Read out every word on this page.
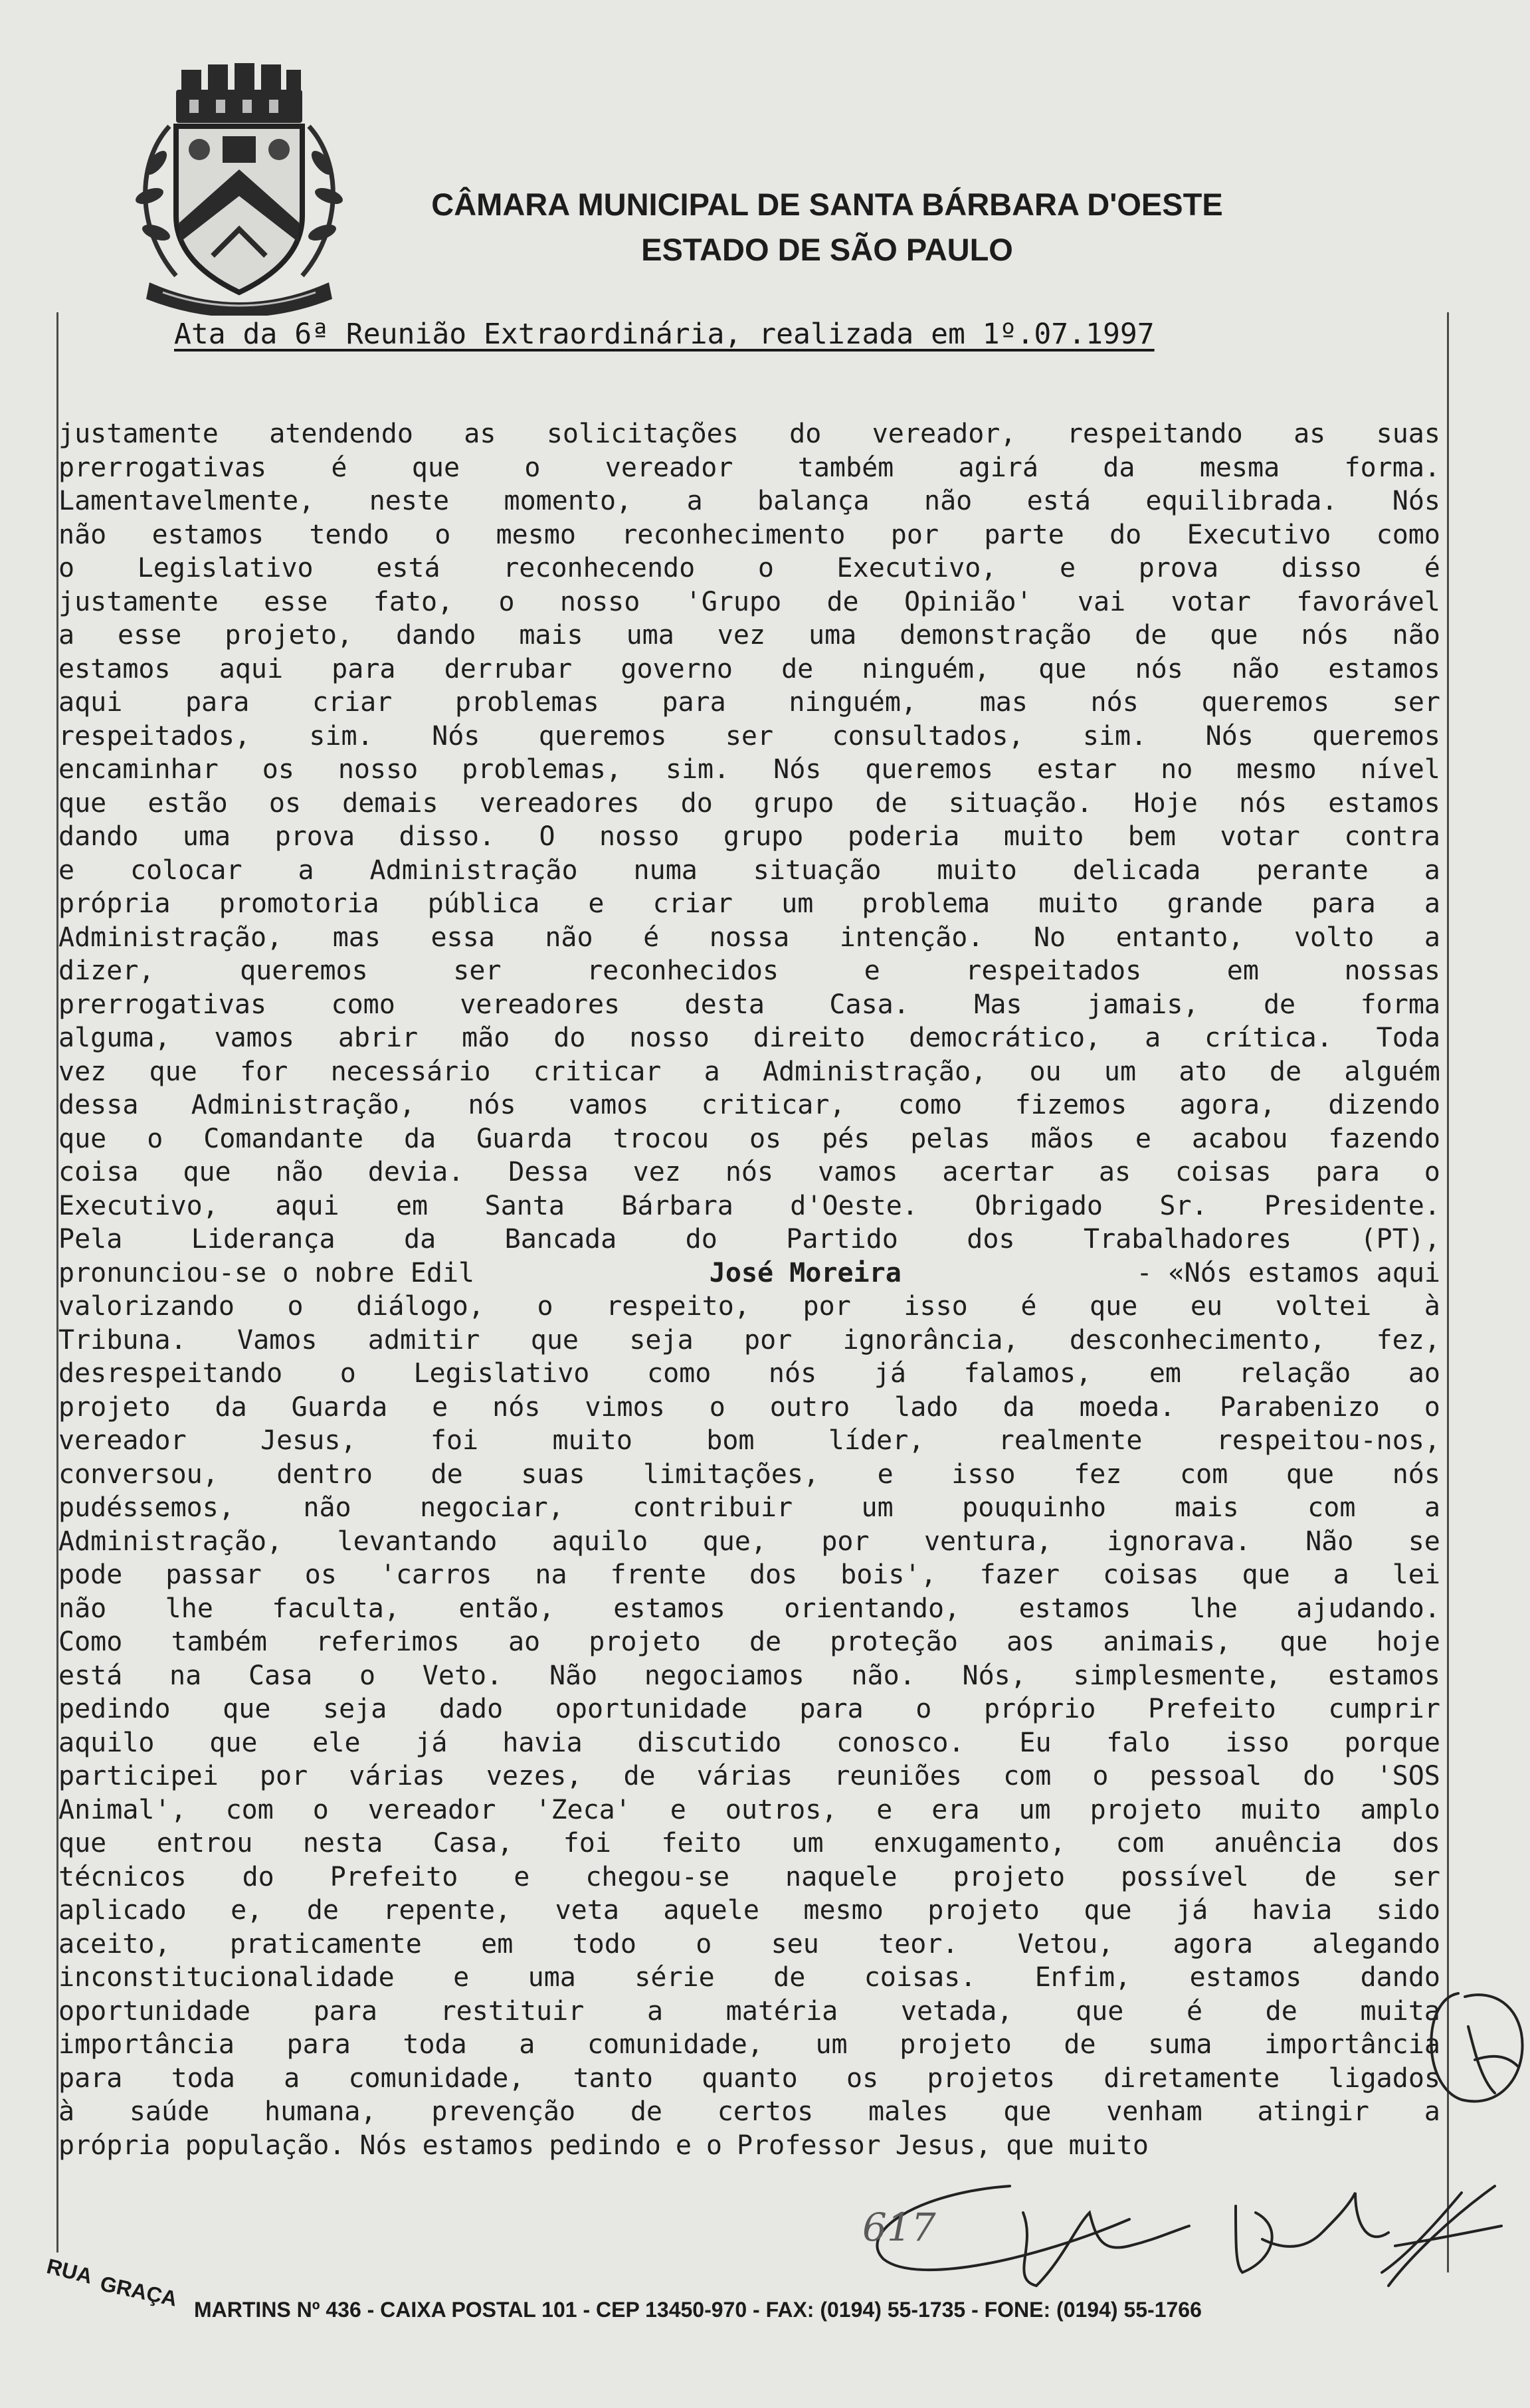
CÂMARA MUNICIPAL DE SANTA BÁRBARA D'OESTE
ESTADO DE SÃO PAULO
Ata da 6ª Reunião Extraordinária, realizada em 1º.07.1997
justamente atendendo as solicitações do vereador, respeitando as suas
prerrogativas é que o vereador também agirá da mesma forma.
Lamentavelmente, neste momento, a balança não está equilibrada. Nós
não estamos tendo o mesmo reconhecimento por parte do Executivo como
o Legislativo está reconhecendo o Executivo, e prova disso é
justamente esse fato, o nosso 'Grupo de Opinião' vai votar favorável
a esse projeto, dando mais uma vez uma demonstração de que nós não
estamos aqui para derrubar governo de ninguém, que nós não estamos
aqui para criar problemas para ninguém, mas nós queremos ser
respeitados, sim. Nós queremos ser consultados, sim. Nós queremos
encaminhar os nosso problemas, sim. Nós queremos estar no mesmo nível
que estão os demais vereadores do grupo de situação. Hoje nós estamos
dando uma prova disso. O nosso grupo poderia muito bem votar contra
e colocar a Administração numa situação muito delicada perante a
própria promotoria pública e criar um problema muito grande para a
Administração, mas essa não é nossa intenção. No entanto, volto a
dizer,	queremos	ser	reconhecidos	e	respeitados	em	nossas
prerrogativas como vereadores desta Casa. Mas jamais, de forma
alguma, vamos abrir mão do nosso direito democrático, a crítica. Toda
vez que for necessário criticar a Administração, ou um ato de alguém
dessa Administração, nós vamos criticar, como fizemos agora, dizendo
que o Comandante da Guarda trocou os pés pelas mãos e acabou fazendo
coisa que não devia. Dessa vez nós vamos acertar as coisas para o
Executivo, aqui em Santa Bárbara d'Oeste. Obrigado Sr. Presidente.
Pela	Liderança	da	Bancada	do	Partido	dos	Trabalhadores	(PT),
pronunciou-se o nobre Edil	José Moreira	- «Nós estamos aqui
valorizando o diálogo, o respeito, por isso é que eu voltei à
Tribuna. Vamos admitir que seja por ignorância, desconhecimento, fez,
desrespeitando o Legislativo como nós já falamos, em relação ao
projeto da Guarda e nós vimos o outro lado da moeda. Parabenizo o
vereador	Jesus,	foi	muito	bom	líder,	realmente	respeitou-nos,
conversou, dentro de suas limitações, e isso fez com que nós
pudéssemos,	não	negociar,	contribuir	um	pouquinho	mais	com	a
Administração, levantando aquilo que, por ventura, ignorava. Não se
pode passar os 'carros na frente dos bois', fazer coisas que a lei
não lhe faculta, então, estamos orientando, estamos lhe ajudando.
Como também referimos ao projeto de proteção aos animais, que hoje
está na Casa o Veto. Não negociamos não. Nós, simplesmente, estamos
pedindo que seja dado oportunidade para o próprio Prefeito cumprir
aquilo que ele já havia discutido conosco. Eu falo isso porque
participei por várias vezes, de várias reuniões com o pessoal do 'SOS
Animal', com o vereador 'Zeca' e outros, e era um projeto muito amplo
que entrou nesta Casa, foi feito um enxugamento, com anuência dos
técnicos do Prefeito e chegou-se naquele projeto possível de ser
aplicado e, de repente, veta aquele mesmo projeto que já havia sido
aceito, praticamente em todo o seu teor. Vetou, agora alegando
inconstitucionalidade e uma série de coisas. Enfim, estamos dando
oportunidade para restituir a matéria vetada, que é de muita
importância para toda a comunidade, um projeto de suma importância
para toda a comunidade, tanto quanto os projetos diretamente ligados
à saúde humana, prevenção de certos males que venham atingir a
própria população. Nós estamos pedindo e o Professor Jesus, que muito
617
RUA
GRAÇA MARTINS Nº 436 - CAIXA POSTAL 101 - CEP 13450-970 - FAX: (0194) 55-1735 - FONE: (0194) 55-1766
